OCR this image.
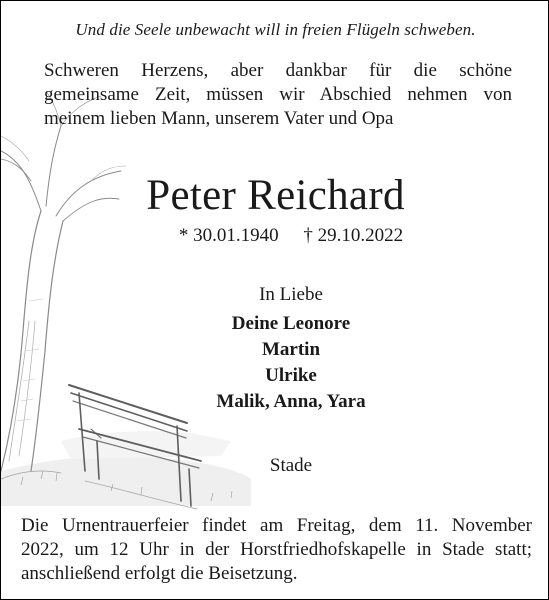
Und die Seele unbewacht will in freien Flügeln schweben.
Schweren Herzens, aber dankbar für die schöne
gemeinsame Zeit, müssen wir Abschied nehmen von
meinem lieben Mann, unserem Vater und Opa
Peter Reichard
* 30.01.1940 † 29.10.2022
In Liebe
Deine Leonore
Martin
Ulrike
Malik, Anna, Yara
Stade
Die Urnentrauerfeier findet am Freitag, dem 11. November
2022, um 12 Uhr in der Horstfriedhofskapelle in Stade statt;
anschließend erfolgt die Beisetzung.
